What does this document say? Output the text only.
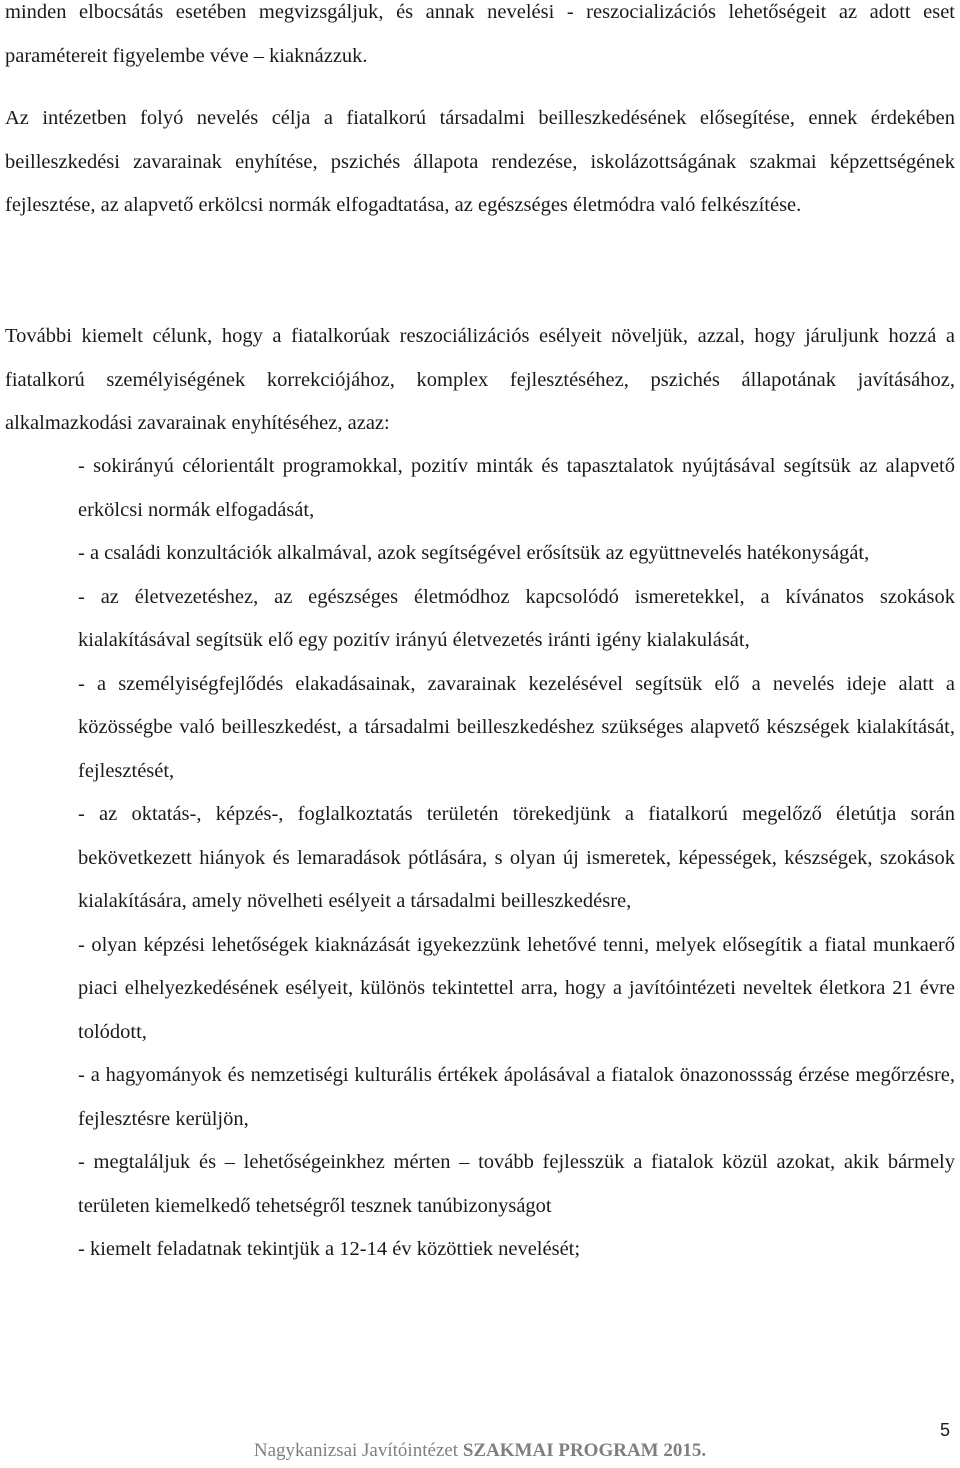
minden elbocsátás esetében megvizsgáljuk, és annak nevelési - reszocializációs lehetőségeit az adott eset paramétereit figyelembe véve – kiaknázzuk.

Az intézetben folyó nevelés célja a fiatalkorú társadalmi beilleszkedésének elősegítése, ennek érdekében beilleszkedési zavarainak enyhítése, pszichés állapota rendezése, iskolázottságának szakmai képzettségének fejlesztése, az alapvető erkölcsi normák elfogadtatása, az egészséges életmódra való felkészítése.

További kiemelt célunk, hogy a fiatalkorúak reszociálizációs esélyeit növeljük, azzal, hogy járuljunk hozzá a fiatalkorú személyiségének korrekciójához, komplex fejlesztéséhez, pszichés állapotának javításához, alkalmazkodási zavarainak enyhítéséhez, azaz:

- sokirányú célorientált programokkal, pozitív minták és tapasztalatok nyújtásával segítsük az alapvető erkölcsi normák elfogadását,
- a családi konzultációk alkalmával, azok segítségével erősítsük az együttnevelés hatékonyságát,
- az életvezetéshez, az egészséges életmódhoz kapcsolódó ismeretekkel, a kívánatos szokások kialakításával segítsük elő egy pozitív irányú életvezetés iránti igény kialakulását,
- a személyiségfejlődés elakadásainak, zavarainak kezelésével segítsük elő a nevelés ideje alatt a közösségbe való beilleszkedést, a társadalmi beilleszkedéshez szükséges alapvető készségek kialakítását, fejlesztését,
- az oktatás-, képzés-, foglalkoztatás területén törekedjünk a fiatalkorú megelőző életútja során bekövetkezett hiányok és lemaradások pótlására, s olyan új ismeretek, képességek, készségek, szokások kialakítására, amely növelheti esélyeit a társadalmi beilleszkedésre,
- olyan képzési lehetőségek kiaknázását igyekezzünk lehetővé tenni, melyek elősegítik a fiatal munkaerő piaci elhelyezkedésének esélyeit, különös tekintettel arra, hogy a javítóintézeti neveltek életkora 21 évre tolódott,
- a hagyományok és nemzetiségi kulturális értékek ápolásával a fiatalok önazonossság érzése megőrzésre, fejlesztésre kerüljön,
- megtaláljuk és – lehetőségeinkhez mérten – tovább fejlesszük a fiatalok közül azokat, akik bármely területen kiemelkedő tehetségről tesznek tanúbizonyságot
- kiemelt feladatnak tekintjük a 12-14 év közöttiek nevelését;
5
Nagykanizsai Javítóintézet SZAKMAI PROGRAM 2015.
